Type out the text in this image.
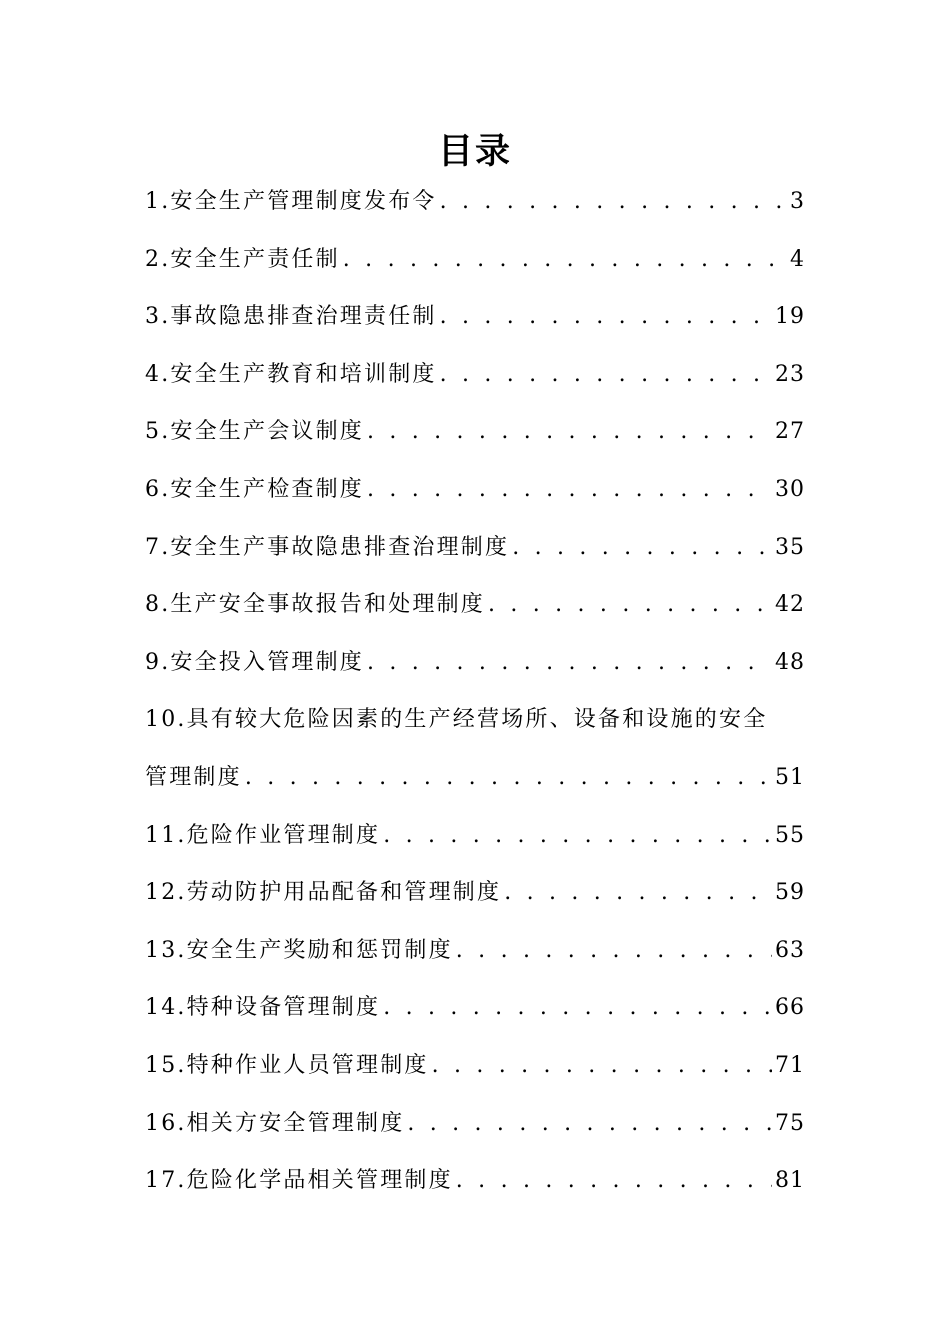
目录
1.安全生产管理制度发布令 . . .	3
2.安全生产责任制 . . .	4
3.事故隐患排查治理责任制 . . .	19
4.安全生产教育和培训制度 . . .	23
5.安全生产会议制度 . . .	27
6.安全生产检查制度 . . .	30
7.安全生产事故隐患排查治理制度 . . .	35
8.生产安全事故报告和处理制度 . . .	42
9.安全投入管理制度 . . .	48
10.具有较大危险因素的生产经营场所、设备和设施的安全
管理制度 . . .	51
11.危险作业管理制度 . . .	55
12.劳动防护用品配备和管理制度 . . .	59
13.安全生产奖励和惩罚制度 . . .	63
14.特种设备管理制度 . . .	66
15.特种作业人员管理制度 . . .	71
16.相关方安全管理制度 . . .	75
17.危险化学品相关管理制度 . . .	81
